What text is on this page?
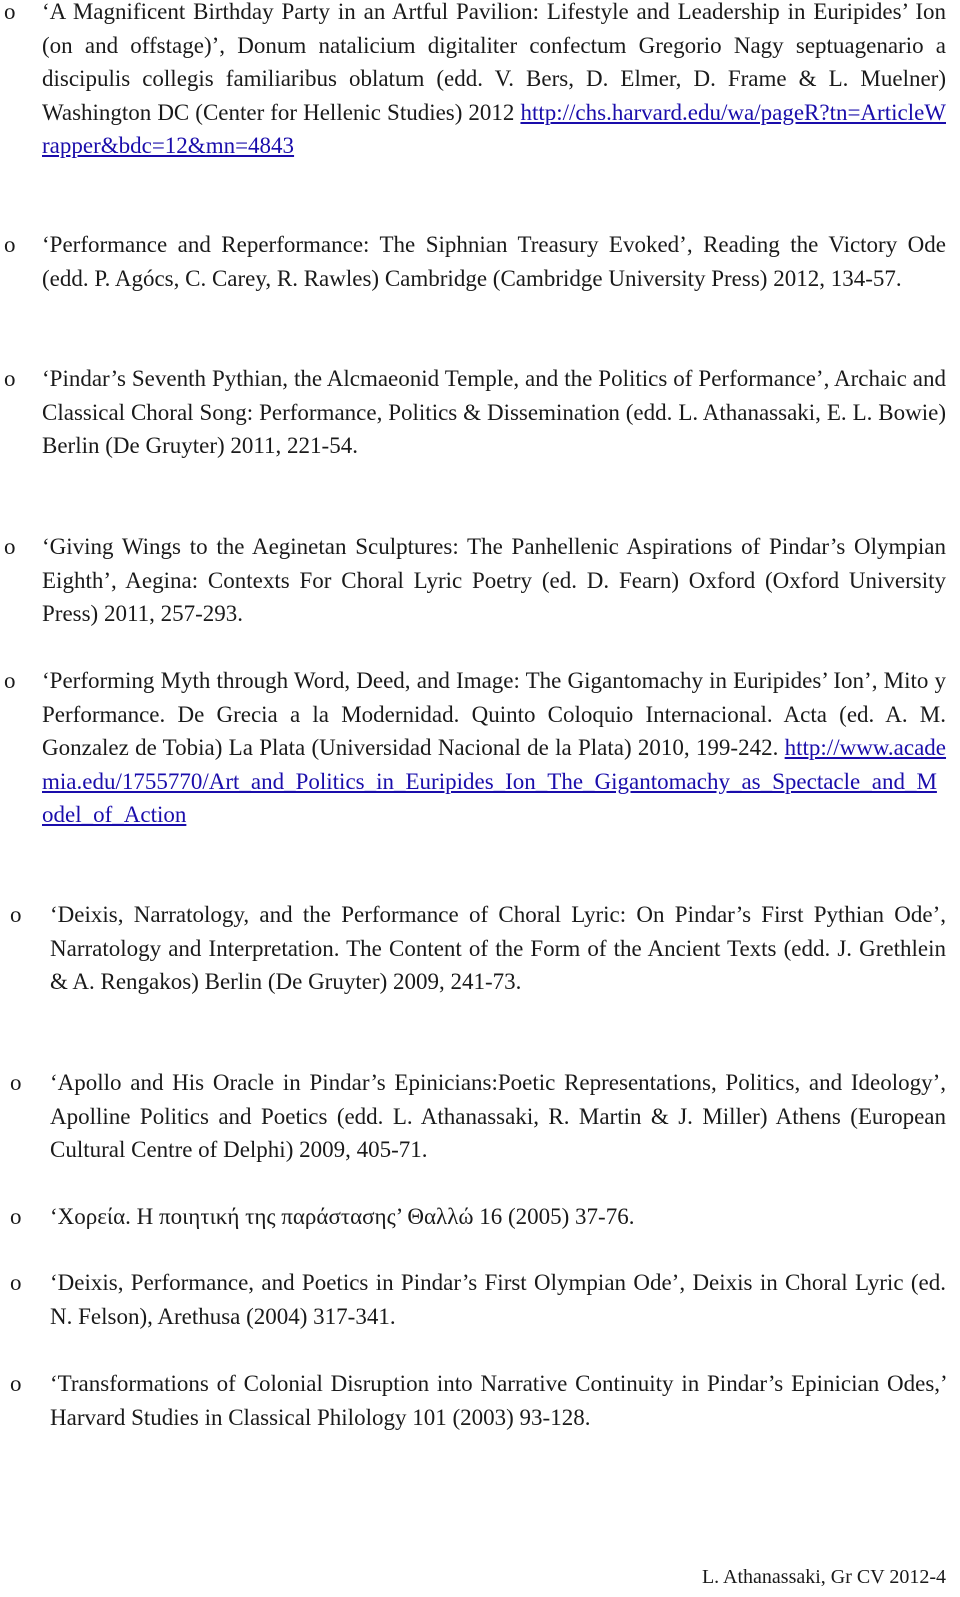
o ‘A Magnificent Birthday Party in an Artful Pavilion: Lifestyle and Leadership in Euripides’ Ion (on and offstage)’, Donum natalicium digitaliter confectum Gregorio Nagy septuagenario a discipulis collegis familiaribus oblatum (edd. V. Bers, D. Elmer, D. Frame & L. Muelner) Washington DC (Center for Hellenic Studies) 2012 http://chs.harvard.edu/wa/pageR?tn=ArticleWrapper&bdc=12&mn=4843
o ‘Performance and Reperformance: The Siphnian Treasury Evoked’, Reading the Victory Ode (edd. P. Agócs, C. Carey, R. Rawles) Cambridge (Cambridge University Press) 2012, 134-57.
o ‘Pindar’s Seventh Pythian, the Alcmaeonid Temple, and the Politics of Performance’, Archaic and Classical Choral Song: Performance, Politics & Dissemination (edd. L. Athanassaki, E. L. Bowie) Berlin (De Gruyter) 2011, 221-54.
o ‘Giving Wings to the Aeginetan Sculptures: The Panhellenic Aspirations of Pindar’s Olympian Eighth’, Aegina: Contexts For Choral Lyric Poetry (ed. D. Fearn) Oxford (Oxford University Press) 2011, 257-293.
o ‘Performing Myth through Word, Deed, and Image: The Gigantomachy in Euripides’ Ion’, Mito y Performance. De Grecia a la Modernidad. Quinto Coloquio Internacional. Acta (ed. A. M. Gonzalez de Tobia) La Plata (Universidad Nacional de la Plata) 2010, 199-242. http://www.academia.edu/1755770/Art_and_Politics_in_Euripides_Ion_The_Gigantomachy_as_Spectacle_and_Model_of_Action
o ‘Deixis, Narratology, and the Performance of Choral Lyric: On Pindar’s First Pythian Ode’, Narratology and Interpretation. The Content of the Form of the Ancient Texts (edd. J. Grethlein & A. Rengakos) Berlin (De Gruyter) 2009, 241-73.
o ‘Apollo and His Oracle in Pindar’s Epinicians:Poetic Representations, Politics, and Ideology’, Apolline Politics and Poetics (edd. L. Athanassaki, R. Martin & J. Miller) Athens (European Cultural Centre of Delphi) 2009, 405-71.
o ‘Χορεία. Η ποιητική της παράστασης’ Θαλλώ 16 (2005) 37-76.
o ‘Deixis, Performance, and Poetics in Pindar’s First Olympian Ode’, Deixis in Choral Lyric (ed. N. Felson), Arethusa (2004) 317-341.
o ‘Transformations of Colonial Disruption into Narrative Continuity in Pindar’s Epinician Odes,’ Harvard Studies in Classical Philology 101 (2003) 93-128.
L. Athanassaki, Gr CV 2012-4
